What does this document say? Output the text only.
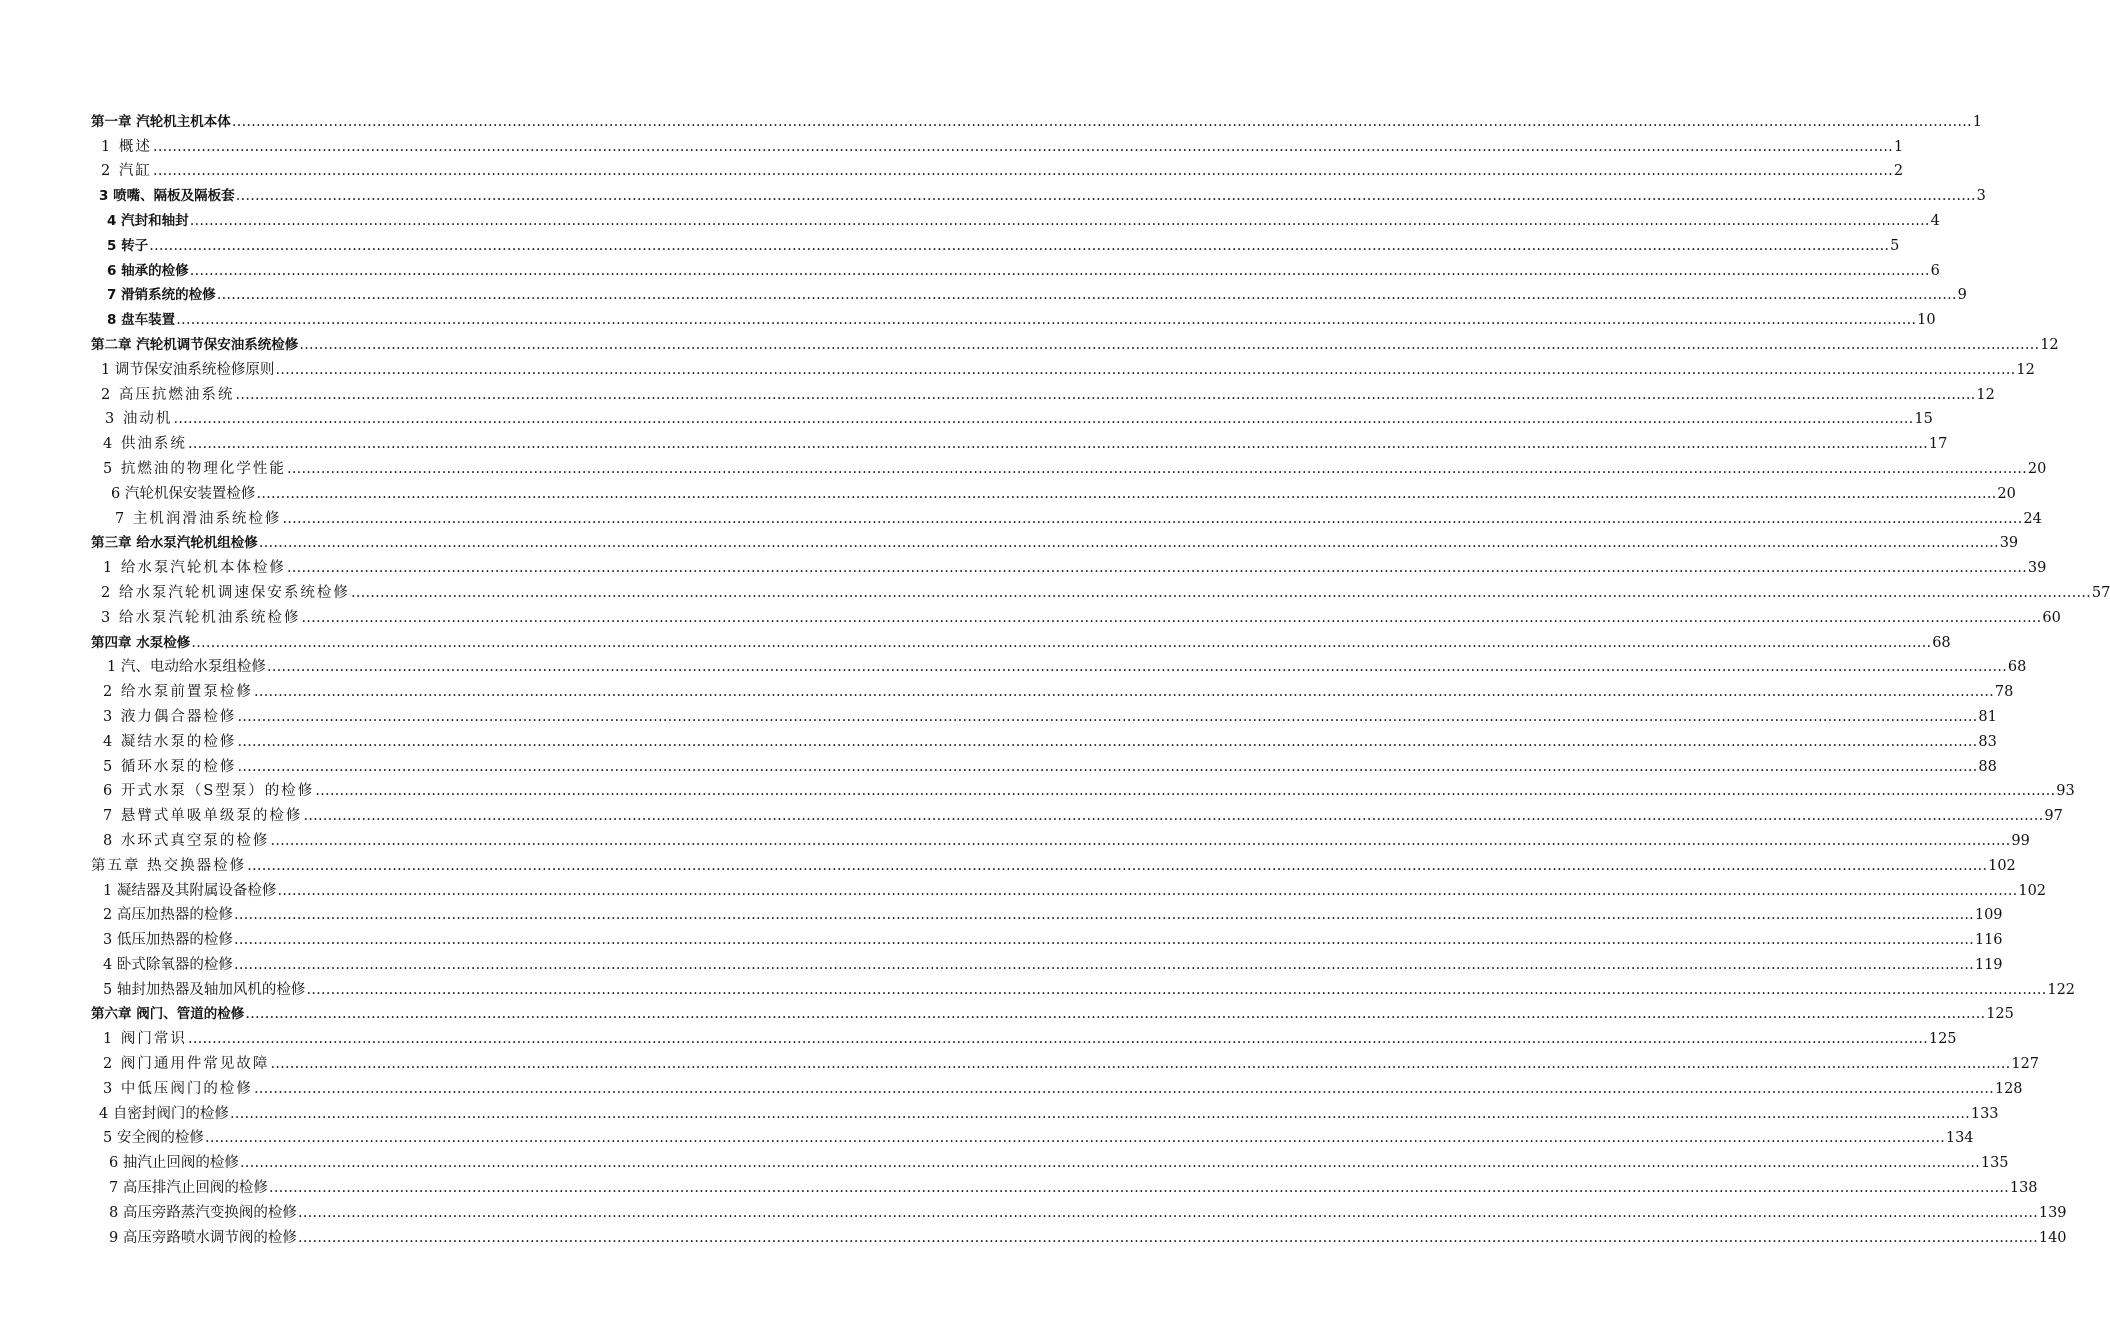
第一章 汽轮机主机本体 ……………………………………………………………………………………………………………………………………………………………………………………………………………………………………………………………………………………………………………………………… 1
1 概述 ……………………………………………………………………………………………………………………………………………………………………………………………………………………………………………………………………………………………………………………………… 1
2 汽缸 ……………………………………………………………………………………………………………………………………………………………………………………………………………………………………………………………………………………………………………………………… 2
3 喷嘴、隔板及隔板套 ……………………………………………………………………………………………………………………………………………………………………………………………………………………………………………………………………………………………………………………………… 3
4 汽封和轴封 ……………………………………………………………………………………………………………………………………………………………………………………………………………………………………………………………………………………………………………………………… 4
5 转子 ……………………………………………………………………………………………………………………………………………………………………………………………………………………………………………………………………………………………………………………………… 5
6 轴承的检修 ……………………………………………………………………………………………………………………………………………………………………………………………………………………………………………………………………………………………………………………………… 6
7 滑销系统的检修 ……………………………………………………………………………………………………………………………………………………………………………………………………………………………………………………………………………………………………………………………… 9
8 盘车装置 ……………………………………………………………………………………………………………………………………………………………………………………………………………………………………………………………………………………………………………………………… 10
第二章 汽轮机调节保安油系统检修 ……………………………………………………………………………………………………………………………………………………………………………………………………………………………………………………………………………………………………………………………… 12
1 调节保安油系统检修原则 ……………………………………………………………………………………………………………………………………………………………………………………………………………………………………………………………………………………………………………………………… 12
2 高压抗燃油系统 ……………………………………………………………………………………………………………………………………………………………………………………………………………………………………………………………………………………………………………………………… 12
3 油动机 ……………………………………………………………………………………………………………………………………………………………………………………………………………………………………………………………………………………………………………………………… 15
4 供油系统 ……………………………………………………………………………………………………………………………………………………………………………………………………………………………………………………………………………………………………………………………… 17
5 抗燃油的物理化学性能 ……………………………………………………………………………………………………………………………………………………………………………………………………………………………………………………………………………………………………………………………… 20
6 汽轮机保安装置检修 ……………………………………………………………………………………………………………………………………………………………………………………………………………………………………………………………………………………………………………………………… 20
7 主机润滑油系统检修 ……………………………………………………………………………………………………………………………………………………………………………………………………………………………………………………………………………………………………………………………… 24
第三章 给水泵汽轮机组检修 ……………………………………………………………………………………………………………………………………………………………………………………………………………………………………………………………………………………………………………………………… 39
1 给水泵汽轮机本体检修 ……………………………………………………………………………………………………………………………………………………………………………………………………………………………………………………………………………………………………………………………… 39
2 给水泵汽轮机调速保安系统检修 ……………………………………………………………………………………………………………………………………………………………………………………………………………………………………………………………………………………………………………………………… 57
3 给水泵汽轮机油系统检修 ……………………………………………………………………………………………………………………………………………………………………………………………………………………………………………………………………………………………………………………………… 60
第四章 水泵检修 ……………………………………………………………………………………………………………………………………………………………………………………………………………………………………………………………………………………………………………………………… 68
1 汽、电动给水泵组检修 ……………………………………………………………………………………………………………………………………………………………………………………………………………………………………………………………………………………………………………………………… 68
2 给水泵前置泵检修 ……………………………………………………………………………………………………………………………………………………………………………………………………………………………………………………………………………………………………………………………… 78
3 液力偶合器检修 ……………………………………………………………………………………………………………………………………………………………………………………………………………………………………………………………………………………………………………………………… 81
4 凝结水泵的检修 ……………………………………………………………………………………………………………………………………………………………………………………………………………………………………………………………………………………………………………………………… 83
5 循环水泵的检修 ……………………………………………………………………………………………………………………………………………………………………………………………………………………………………………………………………………………………………………………………… 88
6 开式水泵（S型泵）的检修 ……………………………………………………………………………………………………………………………………………………………………………………………………………………………………………………………………………………………………………………………… 93
7 悬臂式单吸单级泵的检修 ……………………………………………………………………………………………………………………………………………………………………………………………………………………………………………………………………………………………………………………………… 97
8 水环式真空泵的检修 ……………………………………………………………………………………………………………………………………………………………………………………………………………………………………………………………………………………………………………………………… 99
第五章 热交换器检修 ……………………………………………………………………………………………………………………………………………………………………………………………………………………………………………………………………………………………………………………………… 102
1 凝结器及其附属设备检修 ……………………………………………………………………………………………………………………………………………………………………………………………………………………………………………………………………………………………………………………………… 102
2 高压加热器的检修 ……………………………………………………………………………………………………………………………………………………………………………………………………………………………………………………………………………………………………………………………… 109
3 低压加热器的检修 ……………………………………………………………………………………………………………………………………………………………………………………………………………………………………………………………………………………………………………………………… 116
4 卧式除氧器的检修 ……………………………………………………………………………………………………………………………………………………………………………………………………………………………………………………………………………………………………………………………… 119
5 轴封加热器及轴加风机的检修 ……………………………………………………………………………………………………………………………………………………………………………………………………………………………………………………………………………………………………………………………… 122
第六章 阀门、管道的检修 ……………………………………………………………………………………………………………………………………………………………………………………………………………………………………………………………………………………………………………………………… 125
1 阀门常识 ……………………………………………………………………………………………………………………………………………………………………………………………………………………………………………………………………………………………………………………………… 125
2 阀门通用件常见故障 ……………………………………………………………………………………………………………………………………………………………………………………………………………………………………………………………………………………………………………………………… 127
3 中低压阀门的检修 ……………………………………………………………………………………………………………………………………………………………………………………………………………………………………………………………………………………………………………………………… 128
4 自密封阀门的检修 ……………………………………………………………………………………………………………………………………………………………………………………………………………………………………………………………………………………………………………………………… 133
5 安全阀的检修 ……………………………………………………………………………………………………………………………………………………………………………………………………………………………………………………………………………………………………………………………… 134
6 抽汽止回阀的检修 ……………………………………………………………………………………………………………………………………………………………………………………………………………………………………………………………………………………………………………………………… 135
7 高压排汽止回阀的检修 ……………………………………………………………………………………………………………………………………………………………………………………………………………………………………………………………………………………………………………………………… 138
8 高压旁路蒸汽变换阀的检修 ……………………………………………………………………………………………………………………………………………………………………………………………………………………………………………………………………………………………………………………………… 139
9 高压旁路喷水调节阀的检修 ……………………………………………………………………………………………………………………………………………………………………………………………………………………………………………………………………………………………………………………………… 140
